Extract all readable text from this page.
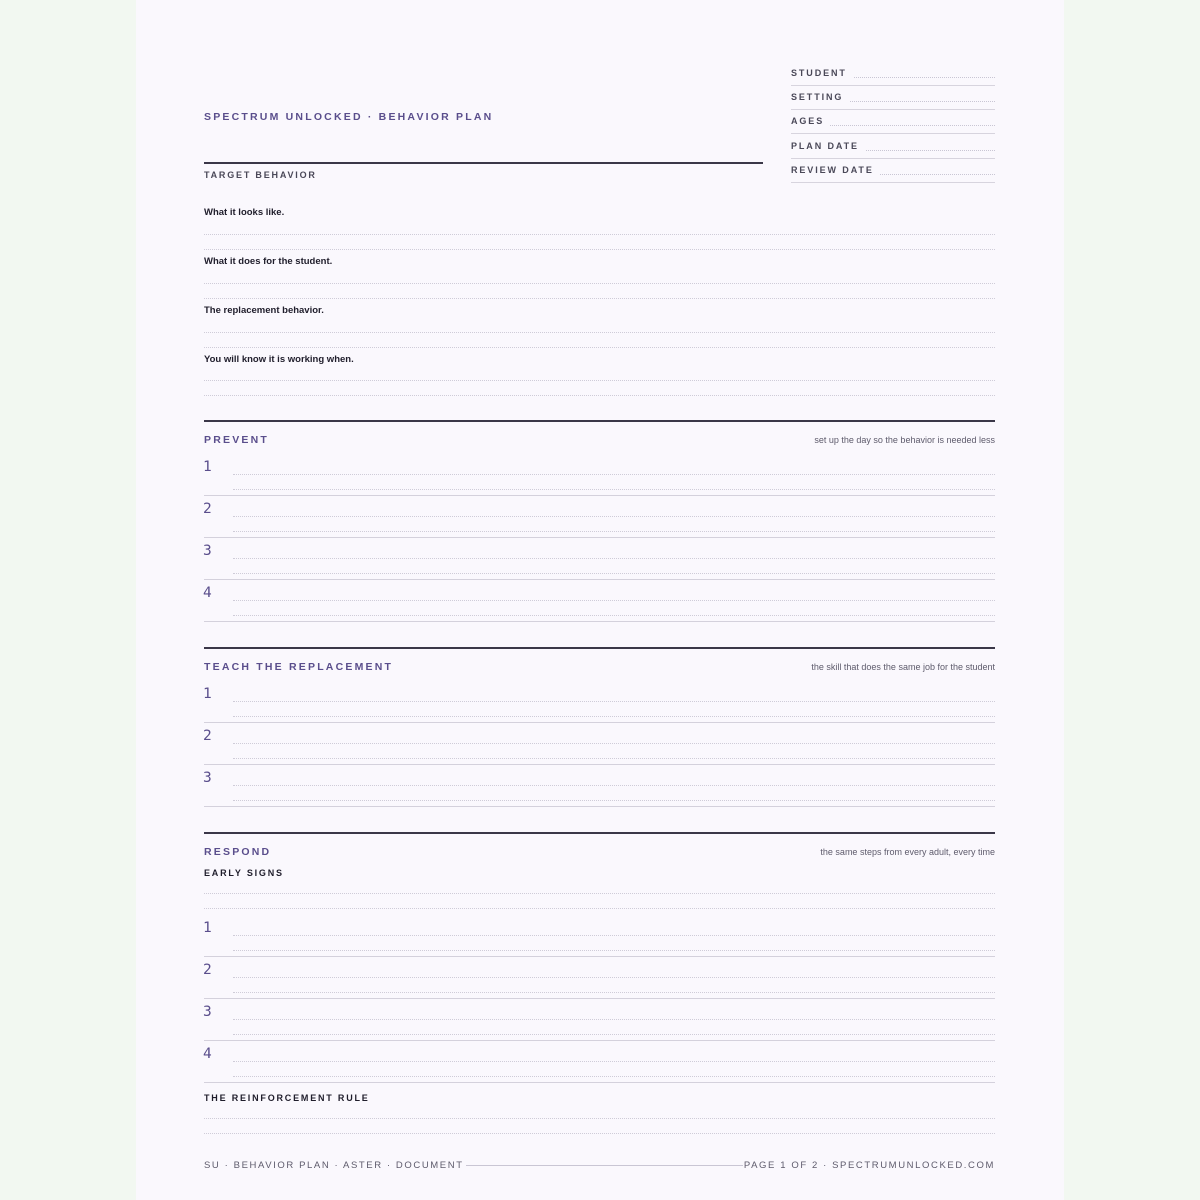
SPECTRUM UNLOCKED · BEHAVIOR PLAN
TARGET BEHAVIOR
STUDENT
SETTING
AGES
PLAN DATE
REVIEW DATE
What it looks like.
What it does for the student.
The replacement behavior.
You will know it is working when.
PREVENT	set up the day so the behavior is needed less
1
2
3
4
TEACH THE REPLACEMENT	the skill that does the same job for the student
1
2
3
RESPOND	the same steps from every adult, every time
EARLY SIGNS
1
2
3
4
THE REINFORCEMENT RULE
SU · BEHAVIOR PLAN · ASTER · DOCUMENT	PAGE 1 OF 2 · SPECTRUMUNLOCKED.COM
